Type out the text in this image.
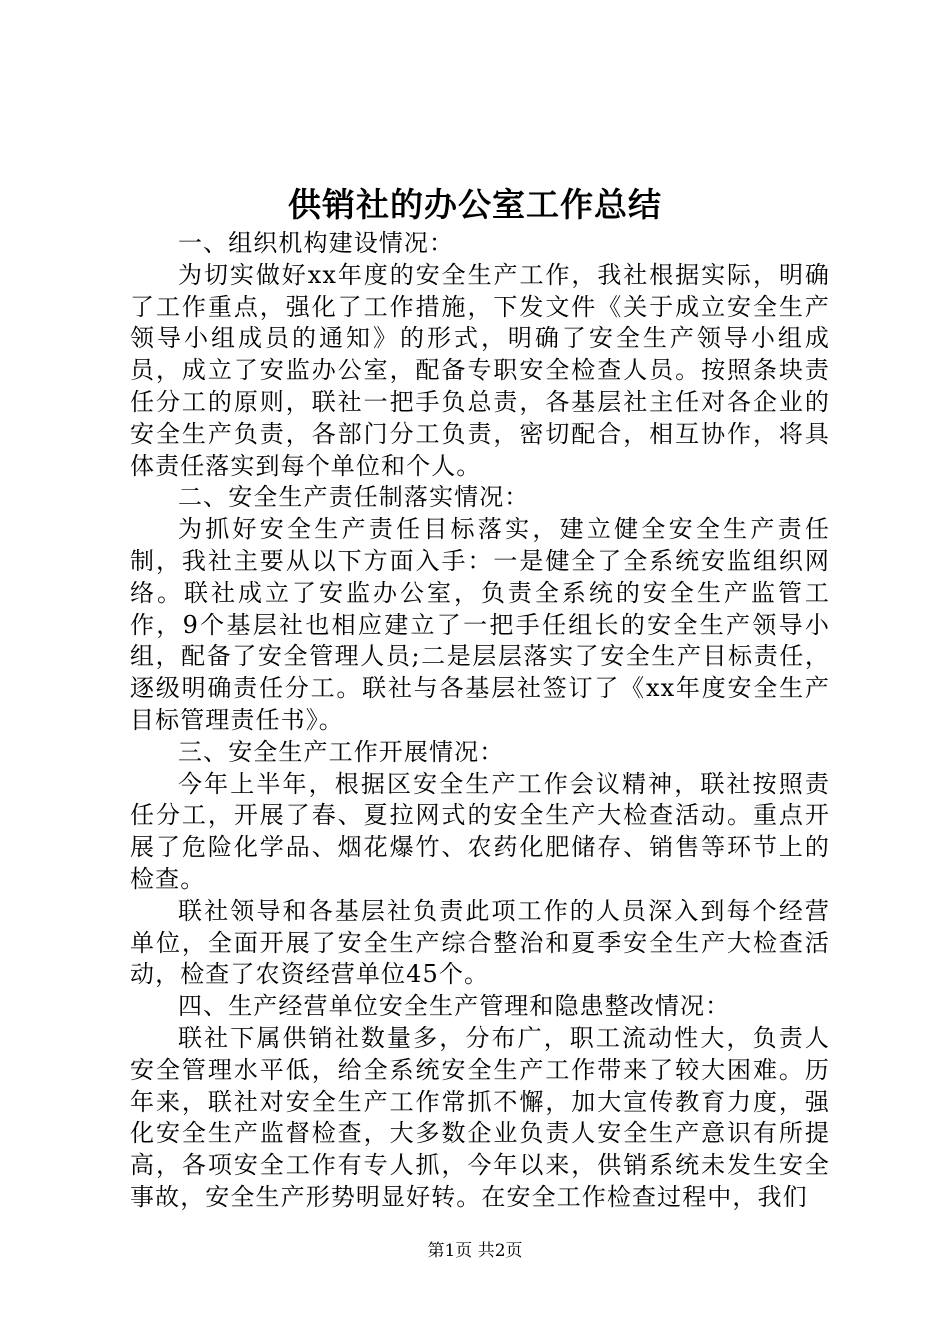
供销社的办公室工作总结

一、组织机构建设情况：

为切实做好xx年度的安全生产工作，我社根据实际，明确了工作重点，强化了工作措施，下发文件《关于成立安全生产领导小组成员的通知》的形式，明确了安全生产领导小组成员，成立了安监办公室，配备专职安全检查人员。按照条块责任分工的原则，联社一把手负总责，各基层社主任对各企业的安全生产负责，各部门分工负责，密切配合，相互协作，将具体责任落实到每个单位和个人。

二、安全生产责任制落实情况：

为抓好安全生产责任目标落实，建立健全安全生产责任制，我社主要从以下方面入手：一是健全了全系统安监组织网络。联社成立了安监办公室，负责全系统的安全生产监管工作，9个基层社也相应建立了一把手任组长的安全生产领导小组，配备了安全管理人员;二是层层落实了安全生产目标责任，逐级明确责任分工。联社与各基层社签订了《xx年度安全生产目标管理责任书》。

三、安全生产工作开展情况：

今年上半年，根据区安全生产工作会议精神，联社按照责任分工，开展了春、夏拉网式的安全生产大检查活动。重点开展了危险化学品、烟花爆竹、农药化肥储存、销售等环节上的检查。

联社领导和各基层社负责此项工作的人员深入到每个经营单位，全面开展了安全生产综合整治和夏季安全生产大检查活动，检查了农资经营单位45个。

四、生产经营单位安全生产管理和隐患整改情况：

联社下属供销社数量多，分布广，职工流动性大，负责人安全管理水平低，给全系统安全生产工作带来了较大困难。历年来，联社对安全生产工作常抓不懈，加大宣传教育力度，强化安全生产监督检查，大多数企业负责人安全生产意识有所提高，各项安全工作有专人抓，今年以来，供销系统未发生安全事故，安全生产形势明显好转。在安全工作检查过程中，我们

第1页 共2页
